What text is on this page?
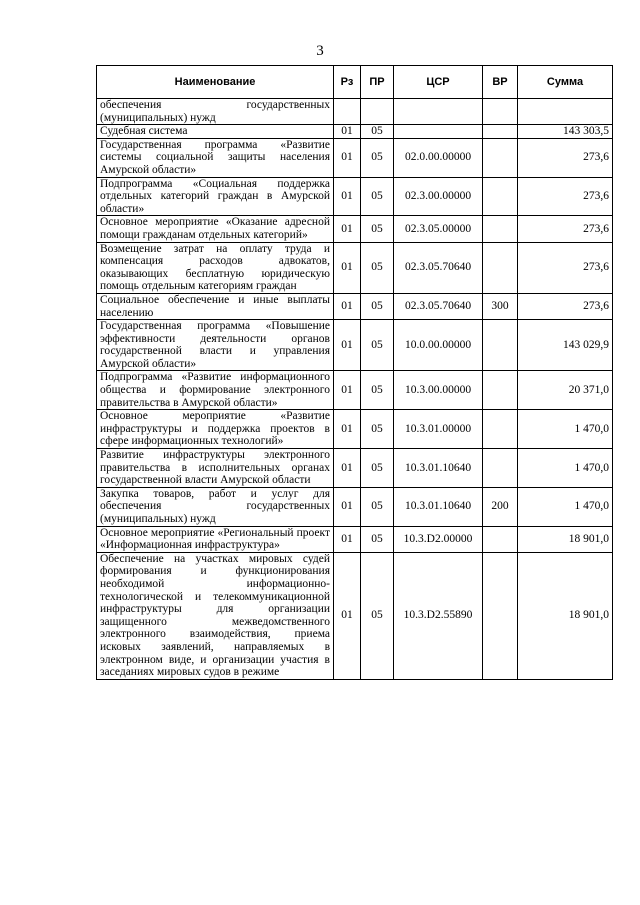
3
Наименование	Рз	ПР	ЦСР	ВР	Сумма
обеспечения государственных (муниципальных) нужд					
Судебная система	01	05			143 303,5
Государственная программа «Развитие системы социальной защиты населения Амурской области»	01	05	02.0.00.00000		273,6
Подпрограмма «Социальная поддержка отдельных категорий граждан в Амурской области»	01	05	02.3.00.00000		273,6
Основное мероприятие «Оказание адресной помощи гражданам отдельных категорий»	01	05	02.3.05.00000		273,6
Возмещение затрат на оплату труда и компенсация расходов адвокатов, оказывающих бесплатную юридическую помощь отдельным категориям граждан	01	05	02.3.05.70640		273,6
Социальное обеспечение и иные выплаты населению	01	05	02.3.05.70640	300	273,6
Государственная программа «Повышение эффективности деятельности органов государственной власти и управления Амурской области»	01	05	10.0.00.00000		143 029,9
Подпрограмма «Развитие информационного общества и формирование электронного правительства в Амурской области»	01	05	10.3.00.00000		20 371,0
Основное мероприятие «Развитие инфраструктуры и поддержка проектов в сфере информационных технологий»	01	05	10.3.01.00000		1 470,0
Развитие инфраструктуры электронного правительства в исполнительных органах государственной власти Амурской области	01	05	10.3.01.10640		1 470,0
Закупка товаров, работ и услуг для обеспечения государственных (муниципальных) нужд	01	05	10.3.01.10640	200	1 470,0
Основное мероприятие «Региональный проект «Информационная инфраструктура»	01	05	10.3.D2.00000		18 901,0
Обеспечение на участках мировых судей формирования и функционирования необходимой информационно-технологической и телекоммуникационной инфраструктуры для организации защищенного межведомственного электронного взаимодействия, приема исковых заявлений, направляемых в электронном виде, и организации участия в заседаниях мировых судов в режиме	01	05	10.3.D2.55890		18 901,0
